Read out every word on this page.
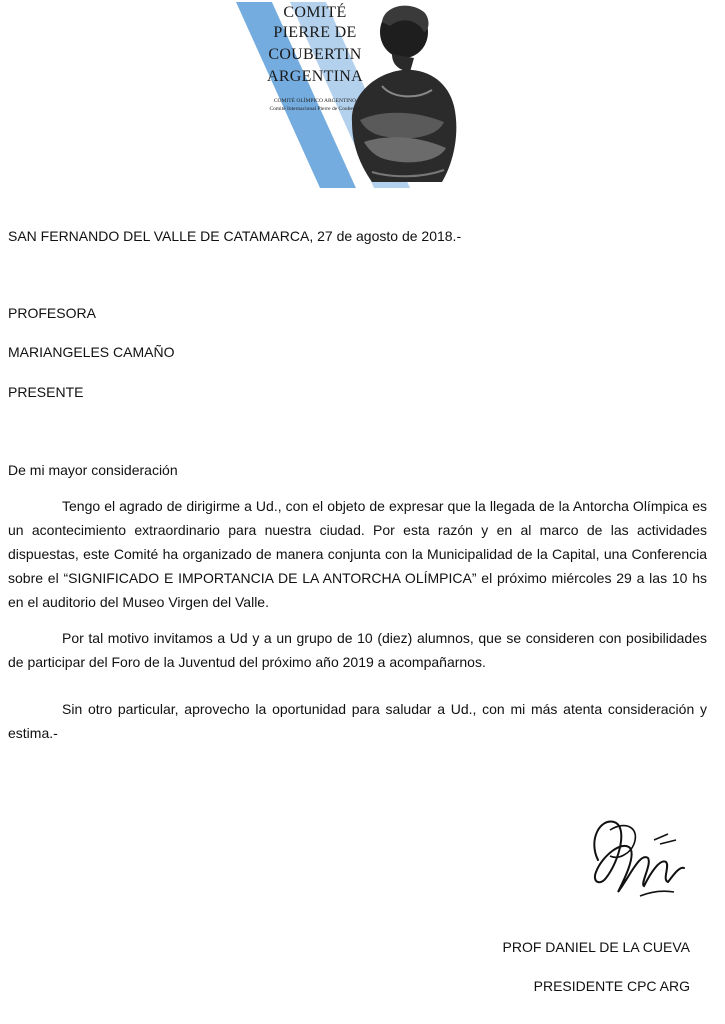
COMITÉ
PIERRE DE
COUBERTIN
ARGENTINA
COMITÉ OLÍMPICO ARGENTINO
Comité Internacional Pierre de Coubertin
SAN FERNANDO DEL VALLE DE CATAMARCA, 27 de agosto de 2018.-
PROFESORA
MARIANGELES CAMAÑO
PRESENTE
De mi mayor consideración

Tengo el agrado de dirigirme a Ud., con el objeto de expresar que la llegada de la Antorcha Olímpica es un acontecimiento extraordinario para nuestra ciudad. Por esta razón y en al marco de las actividades dispuestas, este Comité ha organizado de manera conjunta con la Municipalidad de la Capital, una Conferencia sobre el “SIGNIFICADO E IMPORTANCIA DE LA ANTORCHA OLÍMPICA” el próximo miércoles 29 a las 10 hs en el auditorio del Museo Virgen del Valle.

Por tal motivo invitamos a Ud y a un grupo de 10 (diez) alumnos, que se consideren con posibilidades de participar del Foro de la Juventud del próximo año 2019 a acompañarnos.

Sin otro particular, aprovecho la oportunidad para saludar a Ud., con mi más atenta consideración y estima.-

PROF DANIEL DE LA CUEVA
PRESIDENTE CPC ARG
